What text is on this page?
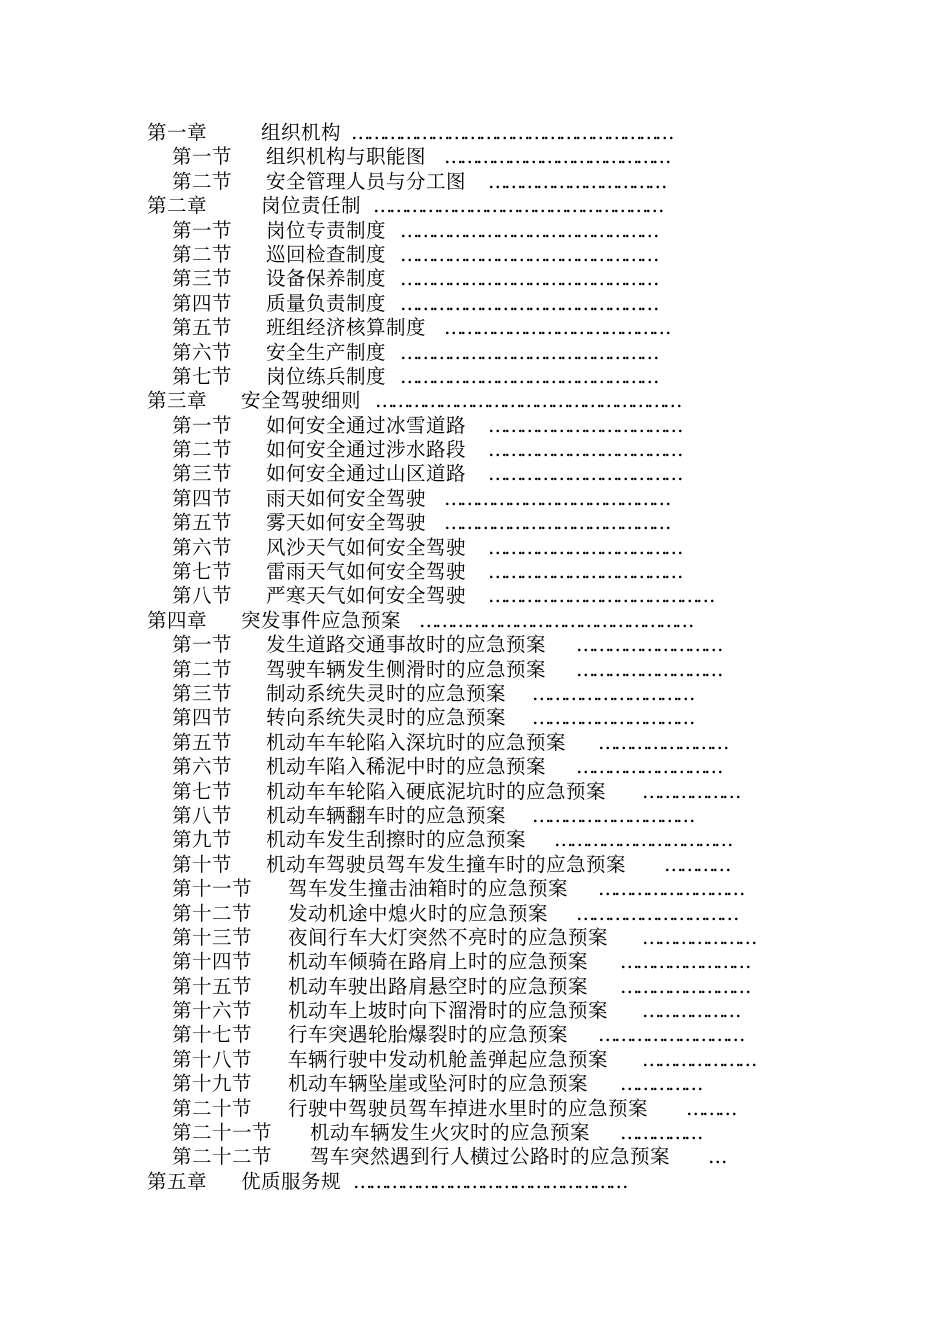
第一章	组织机构 ……………………………………………………
第一节 组织机构与职能图 ……………………………………
第二节 安全管理人员与分工图 ……………………………
第二章	岗位责任制 ………………………………………………
第一节 岗位专责制度 …………………………………………
第二节 巡回检查制度 …………………………………………
第三节 设备保养制度 …………………………………………
第四节 质量负责制度 …………………………………………
第五节 班组经济核算制度 ……………………………………
第六节 安全生产制度 …………………………………………
第七节 岗位练兵制度 …………………………………………
第三章 安全驾驶细则 …………………………………………………
第一节 如何安全通过冰雪道路 ………………………………
第二节 如何安全通过涉水路段 ………………………………
第三节 如何安全通过山区道路 ………………………………
第四节 雨天如何安全驾驶 ……………………………………
第五节 雾天如何安全驾驶 ……………………………………
第六节 风沙天气如何安全驾驶 ………………………………
第七节 雷雨天气如何安全驾驶 ………………………………
第八节 严寒天气如何安全驾驶 ……………………………………
第四章 突发事件应急预案 ……………………………………………
第一节 发生道路交通事故时的应急预案 ………………………
第二节 驾驶车辆发生侧滑时的应急预案 ………………………
第三节 制动系统失灵时的应急预案 …………………………
第四节 转向系统失灵时的应急预案 …………………………
第五节 机动车车轮陷入深坑时的应急预案 ……………………
第六节 机动车陷入稀泥中时的应急预案 ………………………
第七节 机动车车轮陷入硬底泥坑时的应急预案 ………………
第八节 机动车辆翻车时的应急预案 …………………………
第九节 机动车发生刮擦时的应急预案 ……………………………
第十节 机动车驾驶员驾车发生撞车时的应急预案 …………
第十一节 驾车发生撞击油箱时的应急预案 ………………………
第十二节 发动机途中熄火时的应急预案 …………………………
第十三节 夜间行车大灯突然不亮时的应急预案 …………………
第十四节 机动车倾骑在路肩上时的应急预案 ……………………
第十五节 机动车驶出路肩悬空时的应急预案 ……………………
第十六节 机动车上坡时向下溜滑时的应急预案 ………………
第十七节 行车突遇轮胎爆裂时的应急预案 ………………………
第十八节 车辆行驶中发动机舱盖弹起应急预案 …………………
第十九节 机动车辆坠崖或坠河时的应急预案 ……………
第二十节 行驶中驾驶员驾车掉进水里时的应急预案 ………
第二十一节 机动车辆发生火灾时的应急预案 ……………
第二十二节 驾车突然遇到行人横过公路时的应急预案 …
第五章 优质服务规 ……………………………………………
